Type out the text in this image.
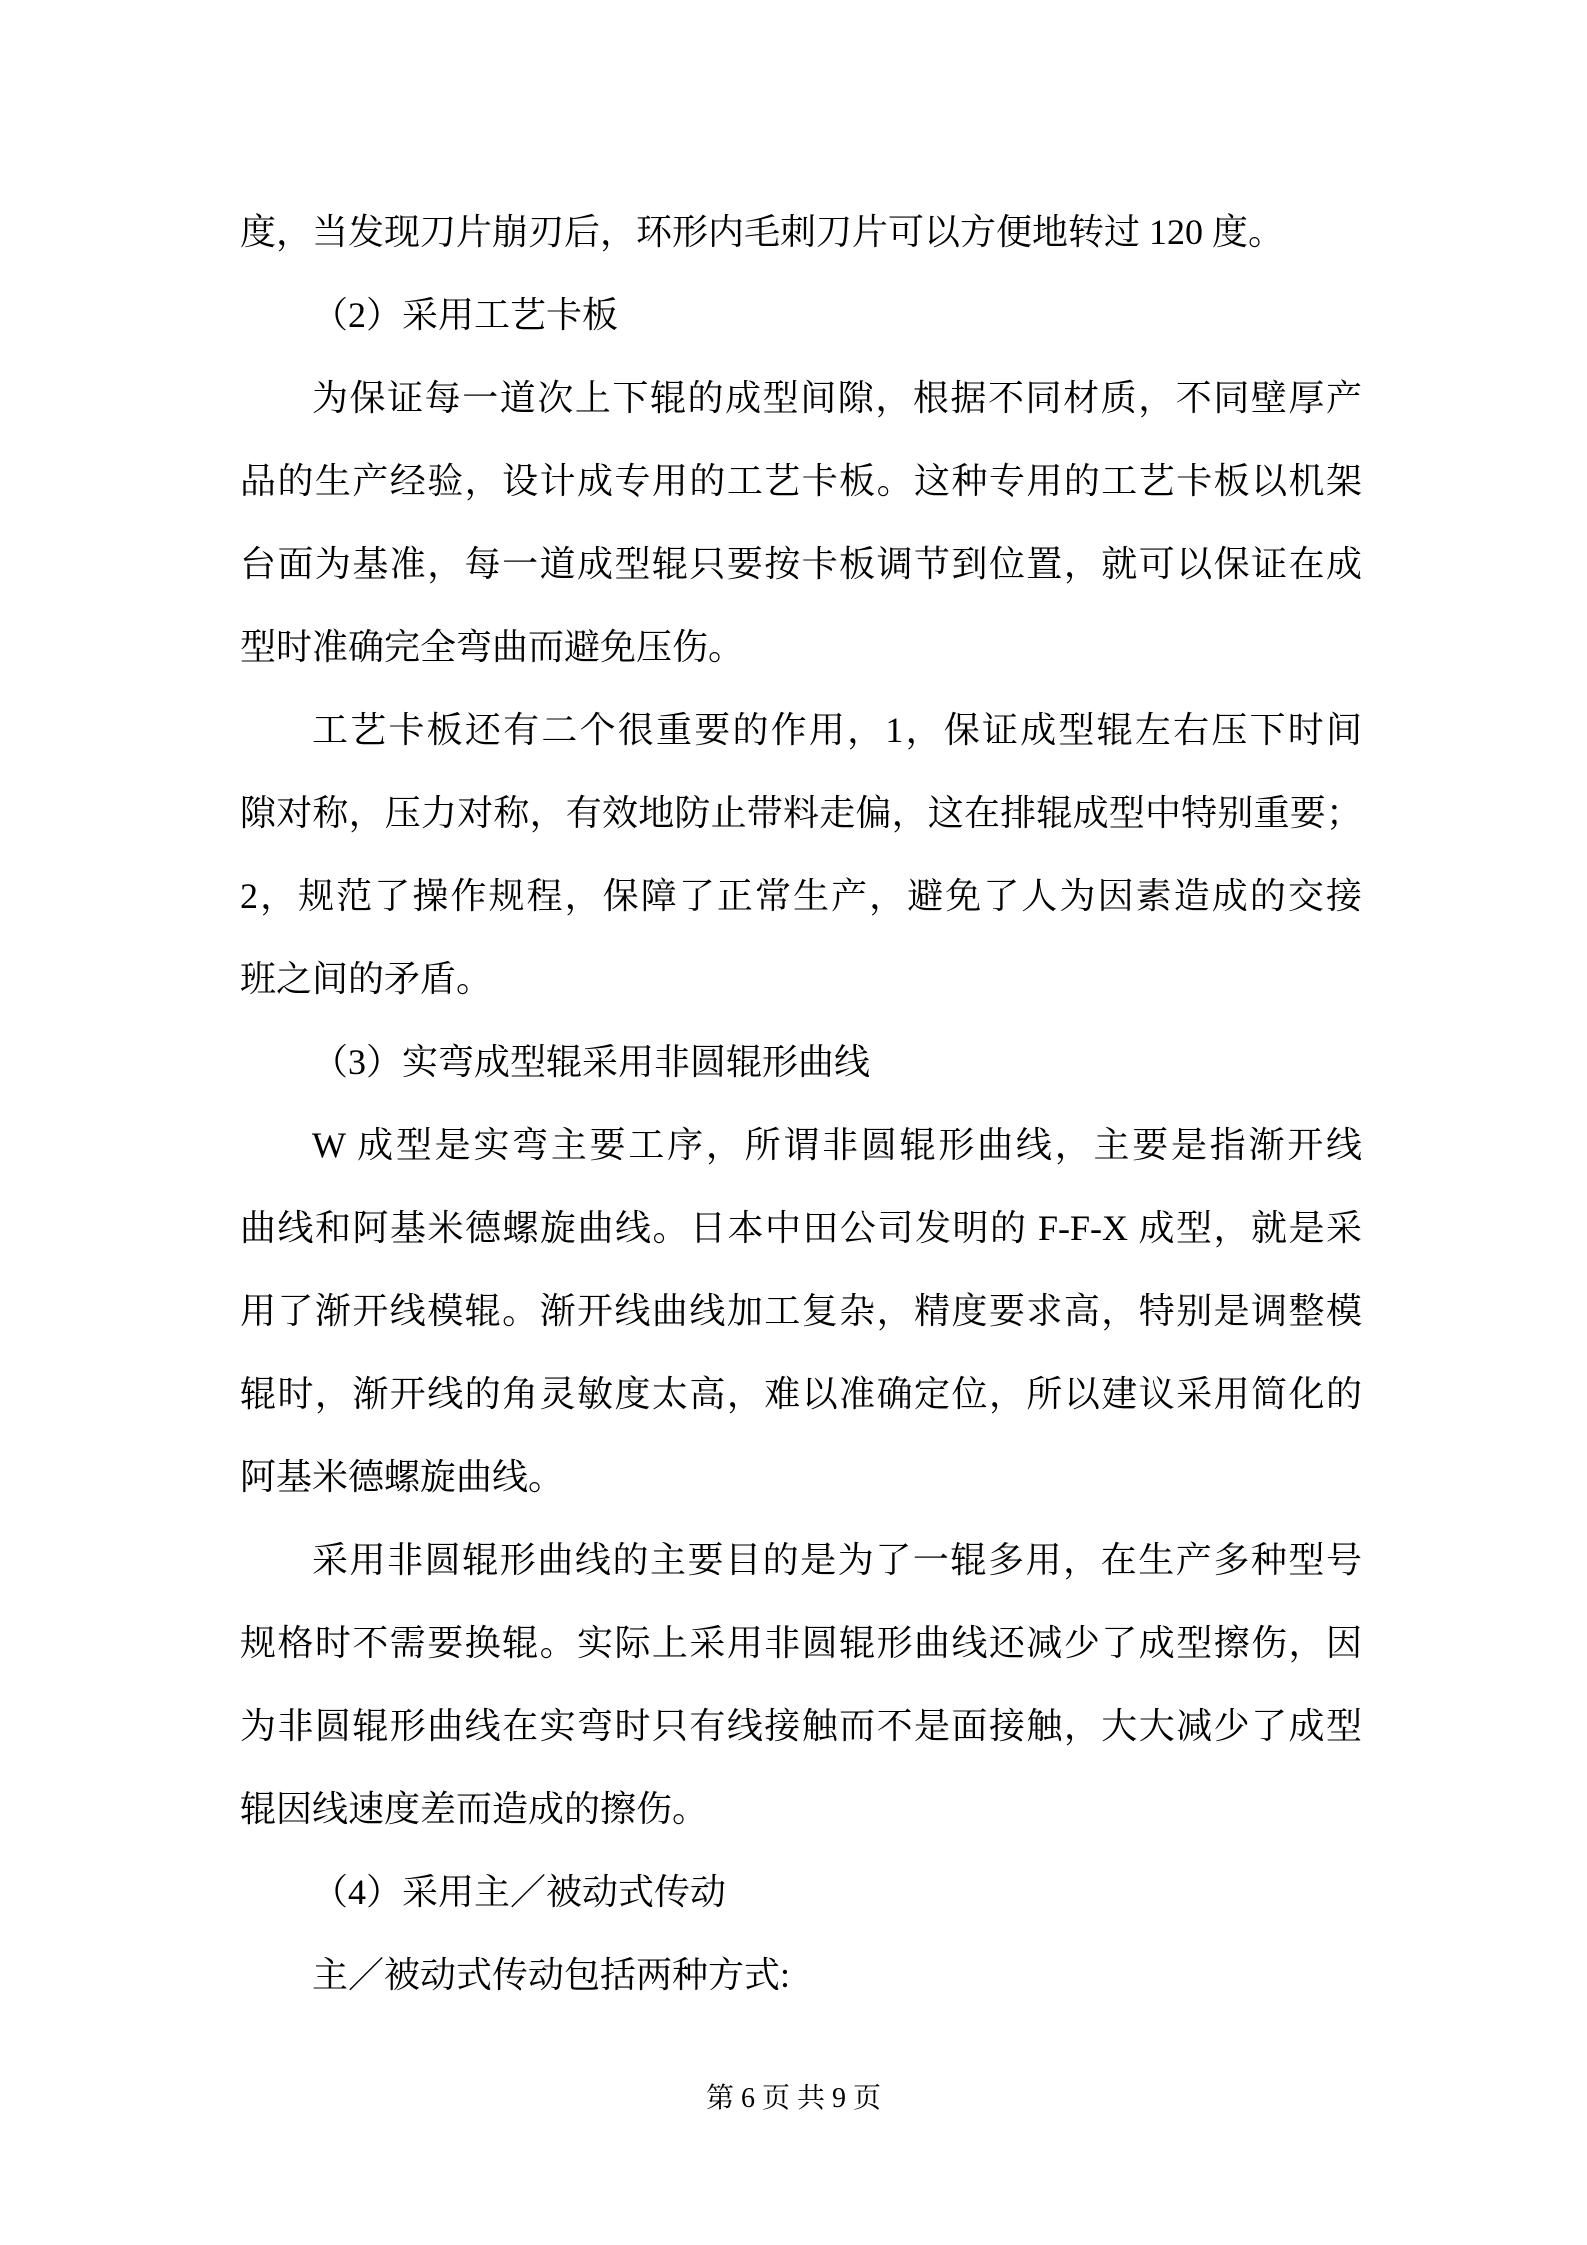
度，当发现刀片崩刃后，环形内毛刺刀片可以方便地转过 120 度。

（2）采用工艺卡板

为保证每一道次上下辊的成型间隙，根据不同材质，不同壁厚产

品的生产经验，设计成专用的工艺卡板。这种专用的工艺卡板以机架

台面为基准，每一道成型辊只要按卡板调节到位置，就可以保证在成

型时准确完全弯曲而避免压伤。

工艺卡板还有二个很重要的作用，1，保证成型辊左右压下时间

隙对称，压力对称，有效地防止带料走偏，这在排辊成型中特别重要；

2，规范了操作规程，保障了正常生产，避免了人为因素造成的交接

班之间的矛盾。

（3）实弯成型辊采用非圆辊形曲线

W 成型是实弯主要工序，所谓非圆辊形曲线，主要是指渐开线

曲线和阿基米德螺旋曲线。日本中田公司发明的 F-F-X 成型，就是采

用了渐开线模辊。渐开线曲线加工复杂，精度要求高，特别是调整模

辊时，渐开线的角灵敏度太高，难以准确定位，所以建议采用简化的

阿基米德螺旋曲线。

采用非圆辊形曲线的主要目的是为了一辊多用，在生产多种型号

规格时不需要换辊。实际上采用非圆辊形曲线还减少了成型擦伤，因

为非圆辊形曲线在实弯时只有线接触而不是面接触，大大减少了成型

辊因线速度差而造成的擦伤。

（4）采用主／被动式传动

主／被动式传动包括两种方式:

第 6 页 共 9 页
